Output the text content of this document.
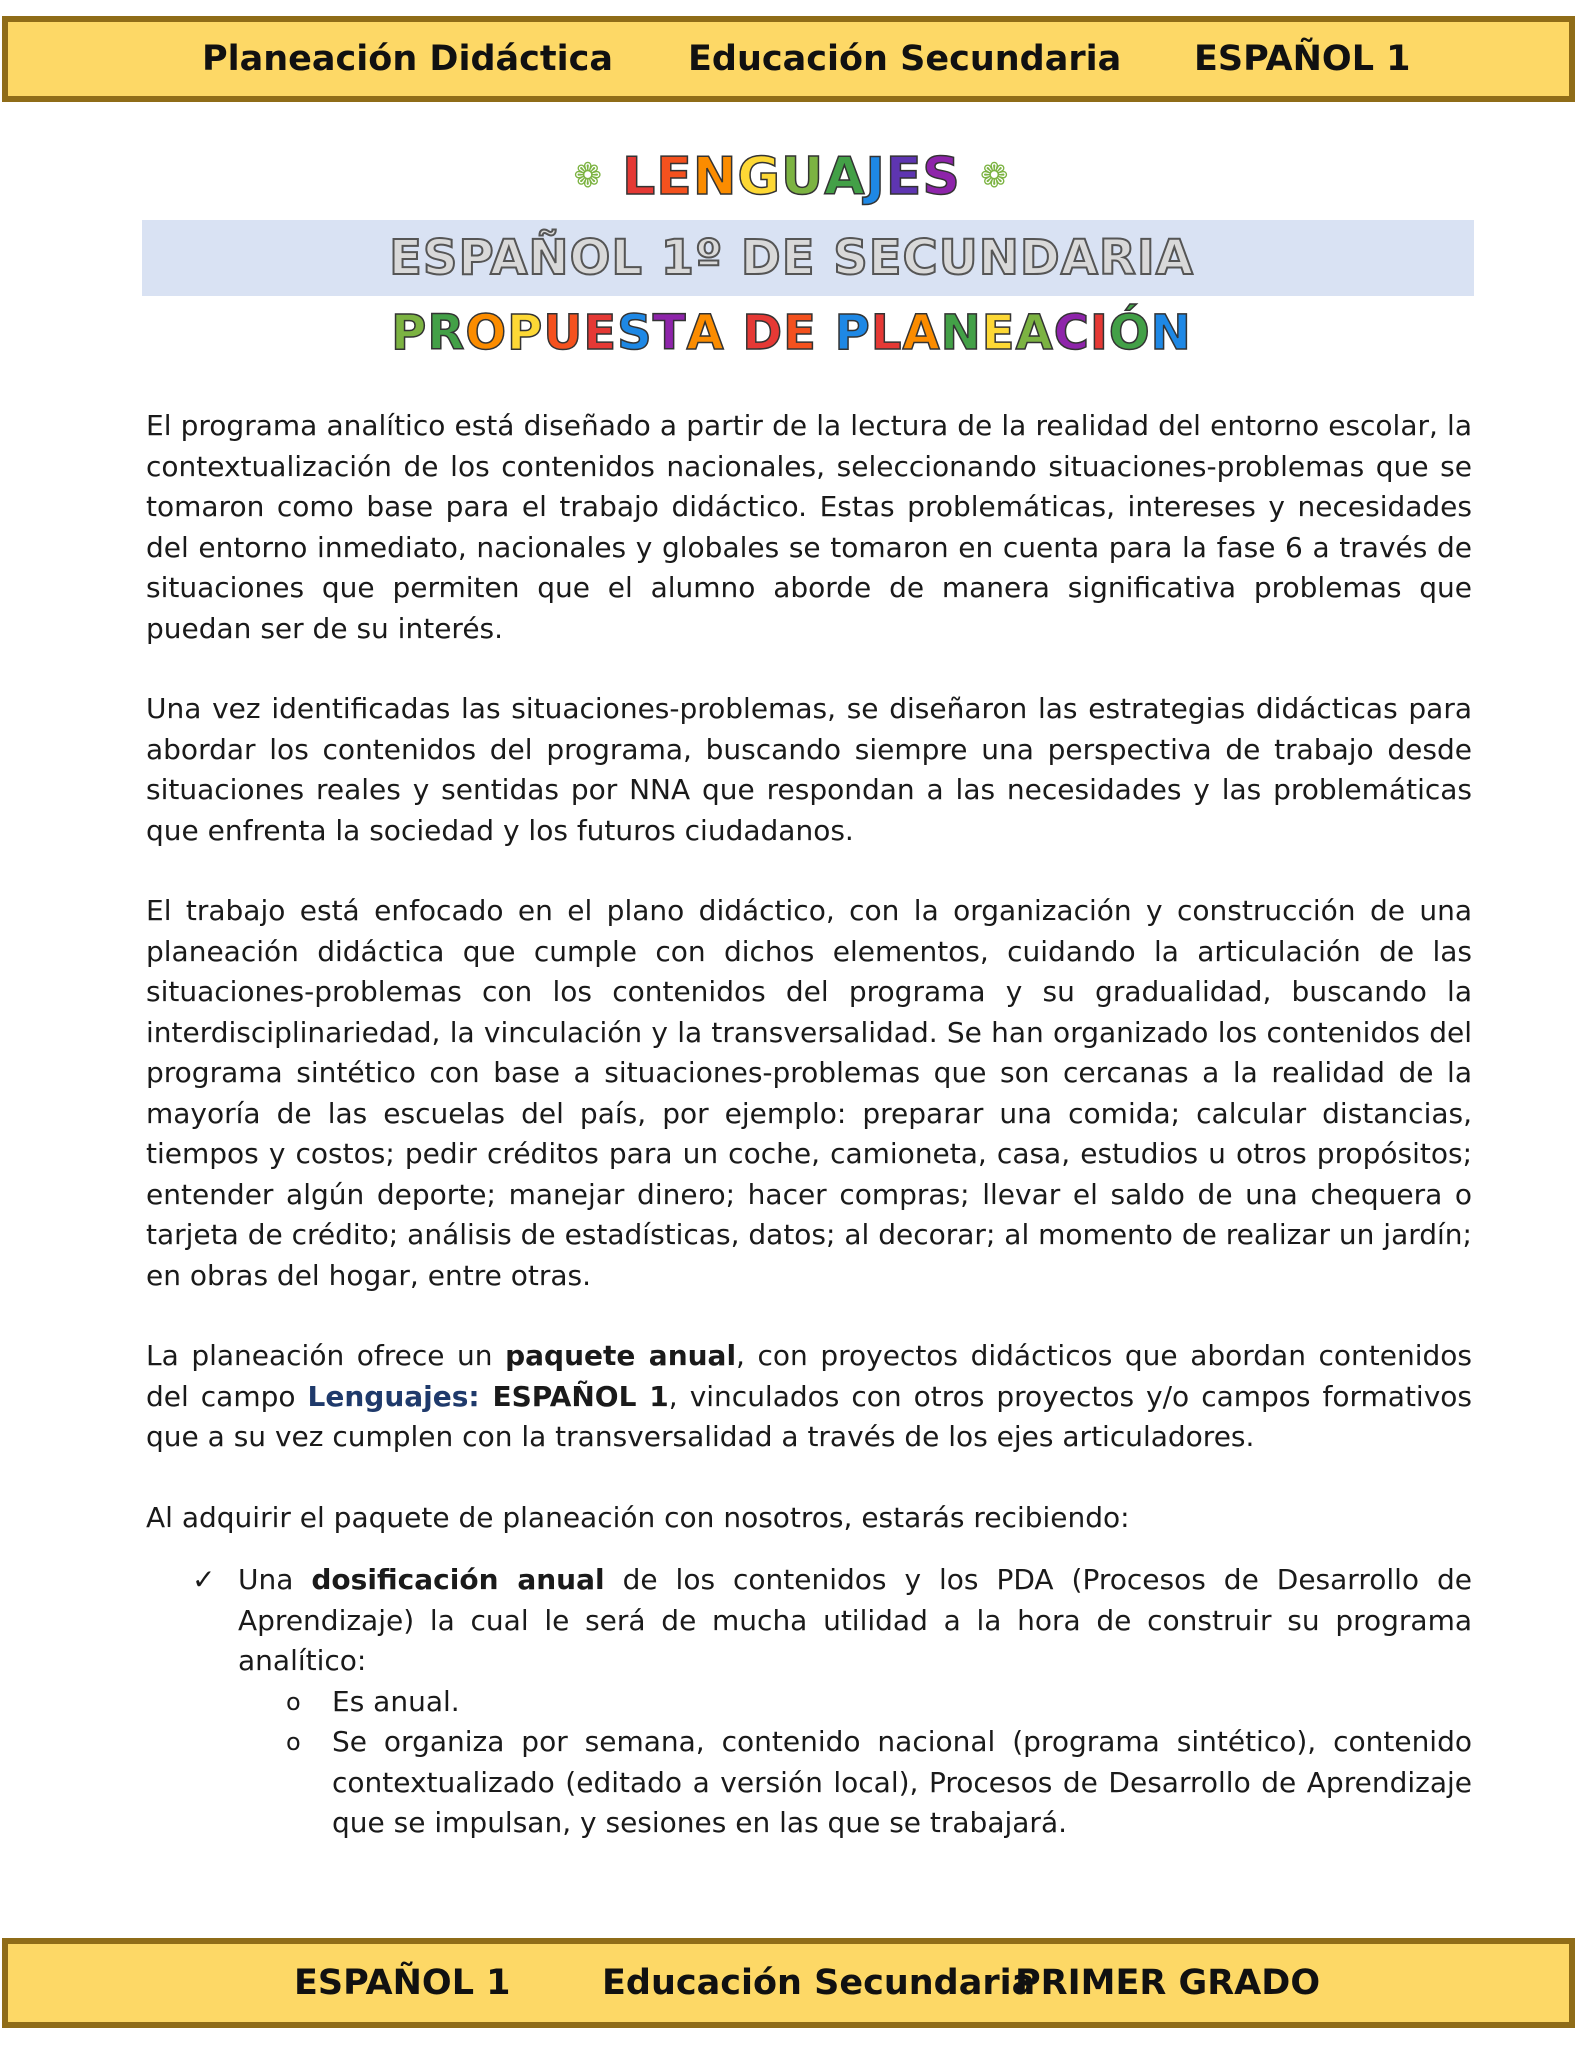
Planeación Didáctica Educación Secundaria ESPAÑOL 1
❁ LENGUAJES ❁
ESPAÑOL 1º DE SECUNDARIA
PROPUESTA DE PLANEACIÓN

El programa analítico está diseñado a partir de la lectura de la realidad del entorno escolar, la contextualización de los contenidos nacionales, seleccionando situaciones-problemas que se tomaron como base para el trabajo didáctico. Estas problemáticas, intereses y necesidades del entorno inmediato, nacionales y globales se tomaron en cuenta para la fase 6 a través de situaciones que permiten que el alumno aborde de manera significativa problemas que puedan ser de su interés.

Una vez identificadas las situaciones-problemas, se diseñaron las estrategias didácticas para abordar los contenidos del programa, buscando siempre una perspectiva de trabajo desde situaciones reales y sentidas por NNA que respondan a las necesidades y las problemáticas que enfrenta la sociedad y los futuros ciudadanos.

El trabajo está enfocado en el plano didáctico, con la organización y construcción de una planeación didáctica que cumple con dichos elementos, cuidando la articulación de las situaciones-problemas con los contenidos del programa y su gradualidad, buscando la interdisciplinariedad, la vinculación y la transversalidad. Se han organizado los contenidos del programa sintético con base a situaciones-problemas que son cercanas a la realidad de la mayoría de las escuelas del país, por ejemplo: preparar una comida; calcular distancias, tiempos y costos; pedir créditos para un coche, camioneta, casa, estudios u otros propósitos; entender algún deporte; manejar dinero; hacer compras; llevar el saldo de una chequera o tarjeta de crédito; análisis de estadísticas, datos; al decorar; al momento de realizar un jardín; en obras del hogar, entre otras.

La planeación ofrece un paquete anual, con proyectos didácticos que abordan contenidos del campo Lenguajes: ESPAÑOL 1, vinculados con otros proyectos y/o campos formativos que a su vez cumplen con la transversalidad a través de los ejes articuladores.

Al adquirir el paquete de planeación con nosotros, estarás recibiendo:

✓ Una dosificación anual de los contenidos y los PDA (Procesos de Desarrollo de Aprendizaje) la cual le será de mucha utilidad a la hora de construir su programa analítico:
o Es anual.
o Se organiza por semana, contenido nacional (programa sintético), contenido contextualizado (editado a versión local), Procesos de Desarrollo de Aprendizaje que se impulsan, y sesiones en las que se trabajará.
ESPAÑOL 1	Educación Secundaria
PRIMER GRADO
